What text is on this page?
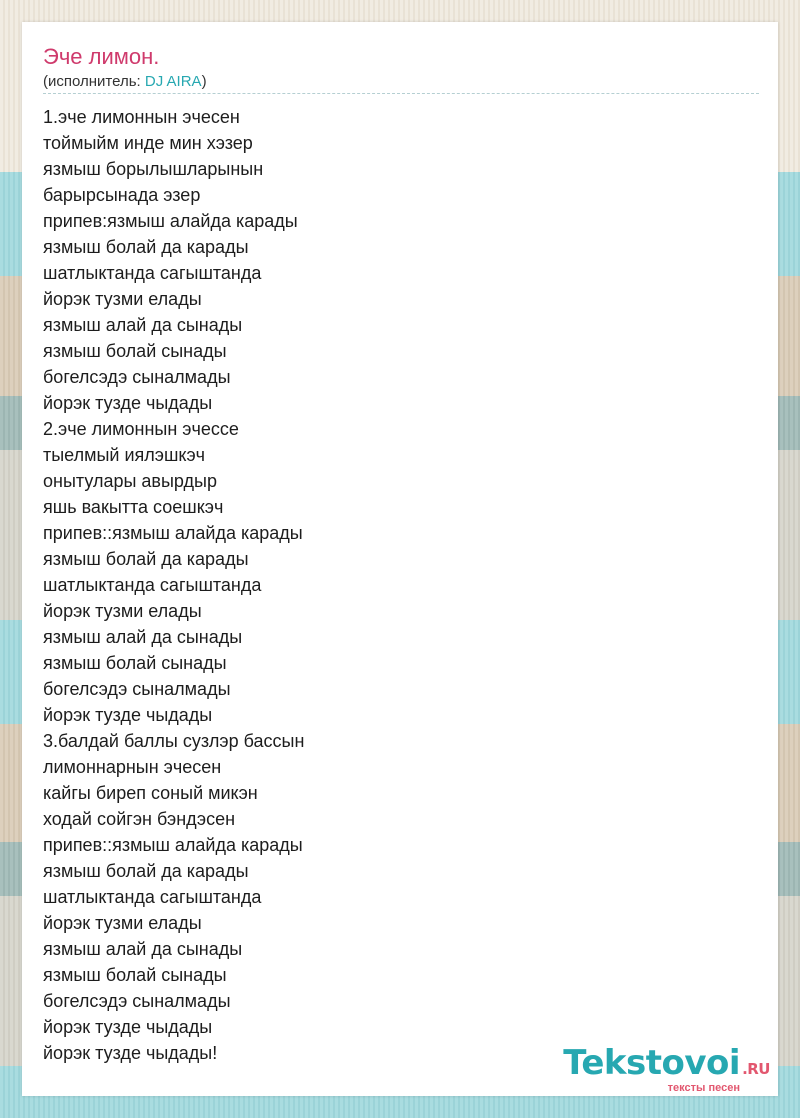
Эче лимон.
(исполнитель: DJ AIRA)
1.эче лимоннын эчесен
тоймыйм инде мин хэзер
язмыш борылышларынын
барырсынада эзер
припев:язмыш алайда карады
язмыш болай да карады
шатлыктанда сагыштанда
йорэк тузми елады
язмыш алай да сынады
язмыш болай сынады
богелсэдэ сыналмады
йорэк тузде чыдады
2.эче лимоннын эчессе
тыелмый иялэшкэч
онытулары авырдыр
яшь вакытта соешкэч
припев::язмыш алайда карады
язмыш болай да карады
шатлыктанда сагыштанда
йорэк тузми елады
язмыш алай да сынады
язмыш болай сынады
богелсэдэ сыналмады
йорэк тузде чыдады
3.балдай баллы сузлэр бассын
лимоннарнын эчесен
кайгы биреп соный микэн
ходай сойгэн бэндэсен
припев::язмыш алайда карады
язмыш болай да карады
шатлыктанда сагыштанда
йорэк тузми елады
язмыш алай да сынады
язмыш болай сынады
богелсэдэ сыналмады
йорэк тузде чыдады
йорэк тузде чыдады!	Tekstovoi .RU
тексты песен
